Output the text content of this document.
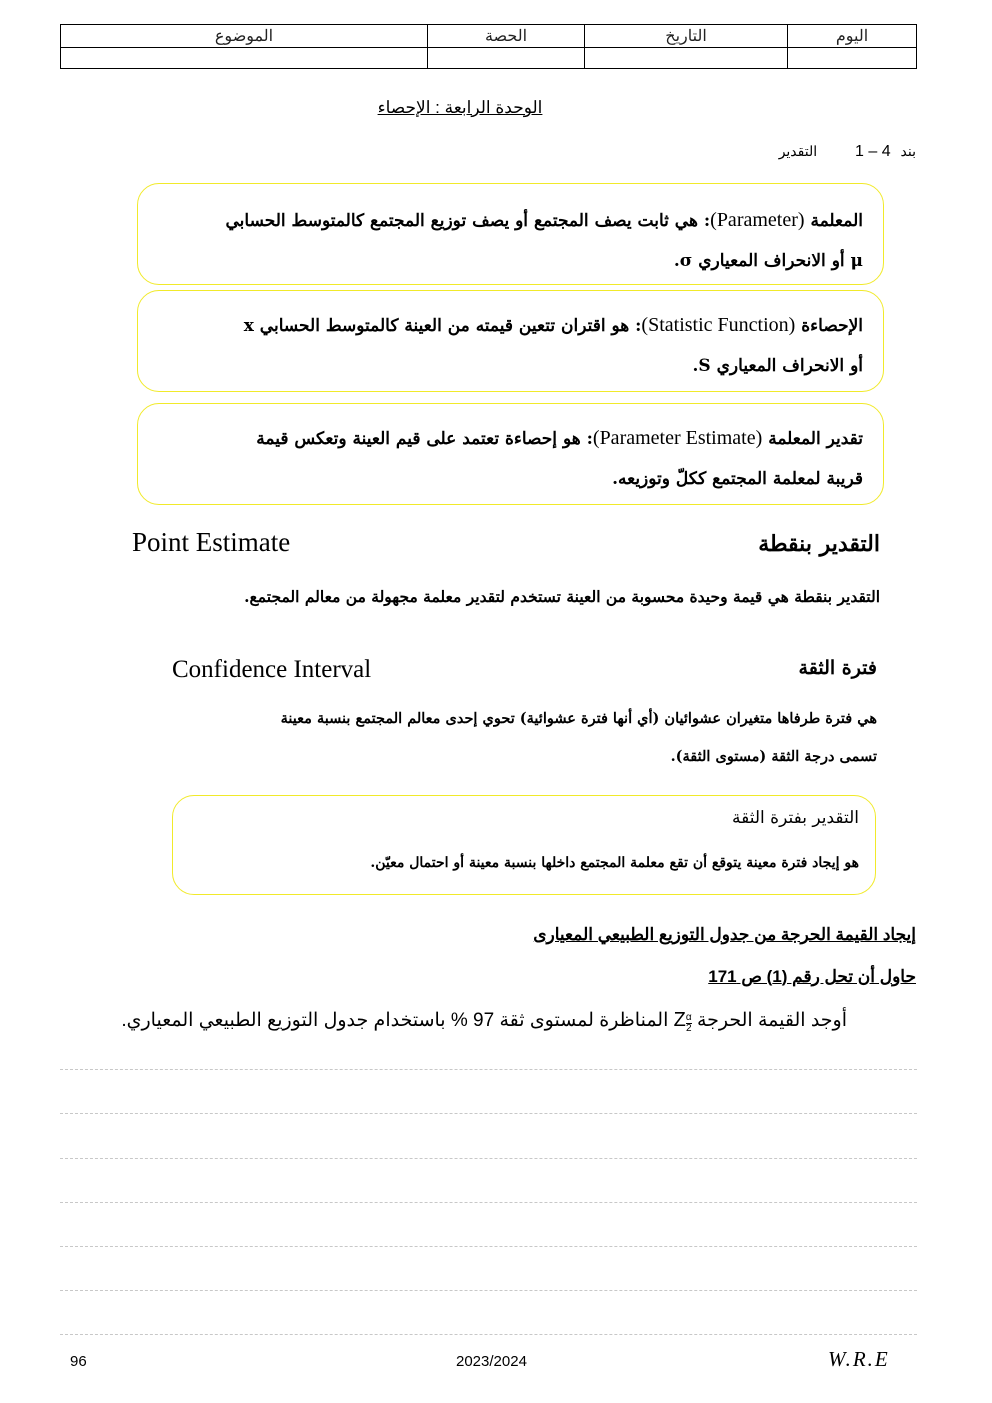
اليوم	التاريخ	الحصة	الموضوع

الوحدة الرابعة : الإحصاء
بند 4 – 1 التقدير
المعلمة (Parameter): هي ثابت يصف المجتمع أو يصف توزيع المجتمع كالمتوسط الحسابي
μ أو الانحراف المعياري σ.
الإحصاءة (Statistic Function): هو اقتران تتعين قيمته من العينة كالمتوسط الحسابي x
أو الانحراف المعياري S.
تقدير المعلمة (Parameter Estimate): هو إحصاءة تعتمد على قيم العينة وتعكس قيمة
قريبة لمعلمة المجتمع ككلّ وتوزيعه.
Point Estimate	التقدير بنقطة
التقدير بنقطة هي قيمة وحيدة محسوبة من العينة تستخدم لتقدير معلمة مجهولة من معالم المجتمع.
Confidence Interval	فترة الثقة
هي فترة طرفاها متغيران عشوائيان (أي أنها فترة عشوائية) تحوي إحدى معالم المجتمع بنسبة معينة
تسمى درجة الثقة (مستوى الثقة).
التقدير بفترة الثقة
هو إيجاد فترة معينة يتوقع أن تقع معلمة المجتمع داخلها بنسبة معينة أو احتمال معيّن.
إيجاد القيمة الحرجة من جدول التوزيع الطبيعي المعيارى
حاول أن تحل رقم (1) ص 171
أوجد القيمة الحرجة Z $\frac{\alpha}{2}$
المناظرة لمستوى ثقة 97 % باستخدام جدول التوزيع الطبيعي المعياري.
96	2023/2024	W.R.E
